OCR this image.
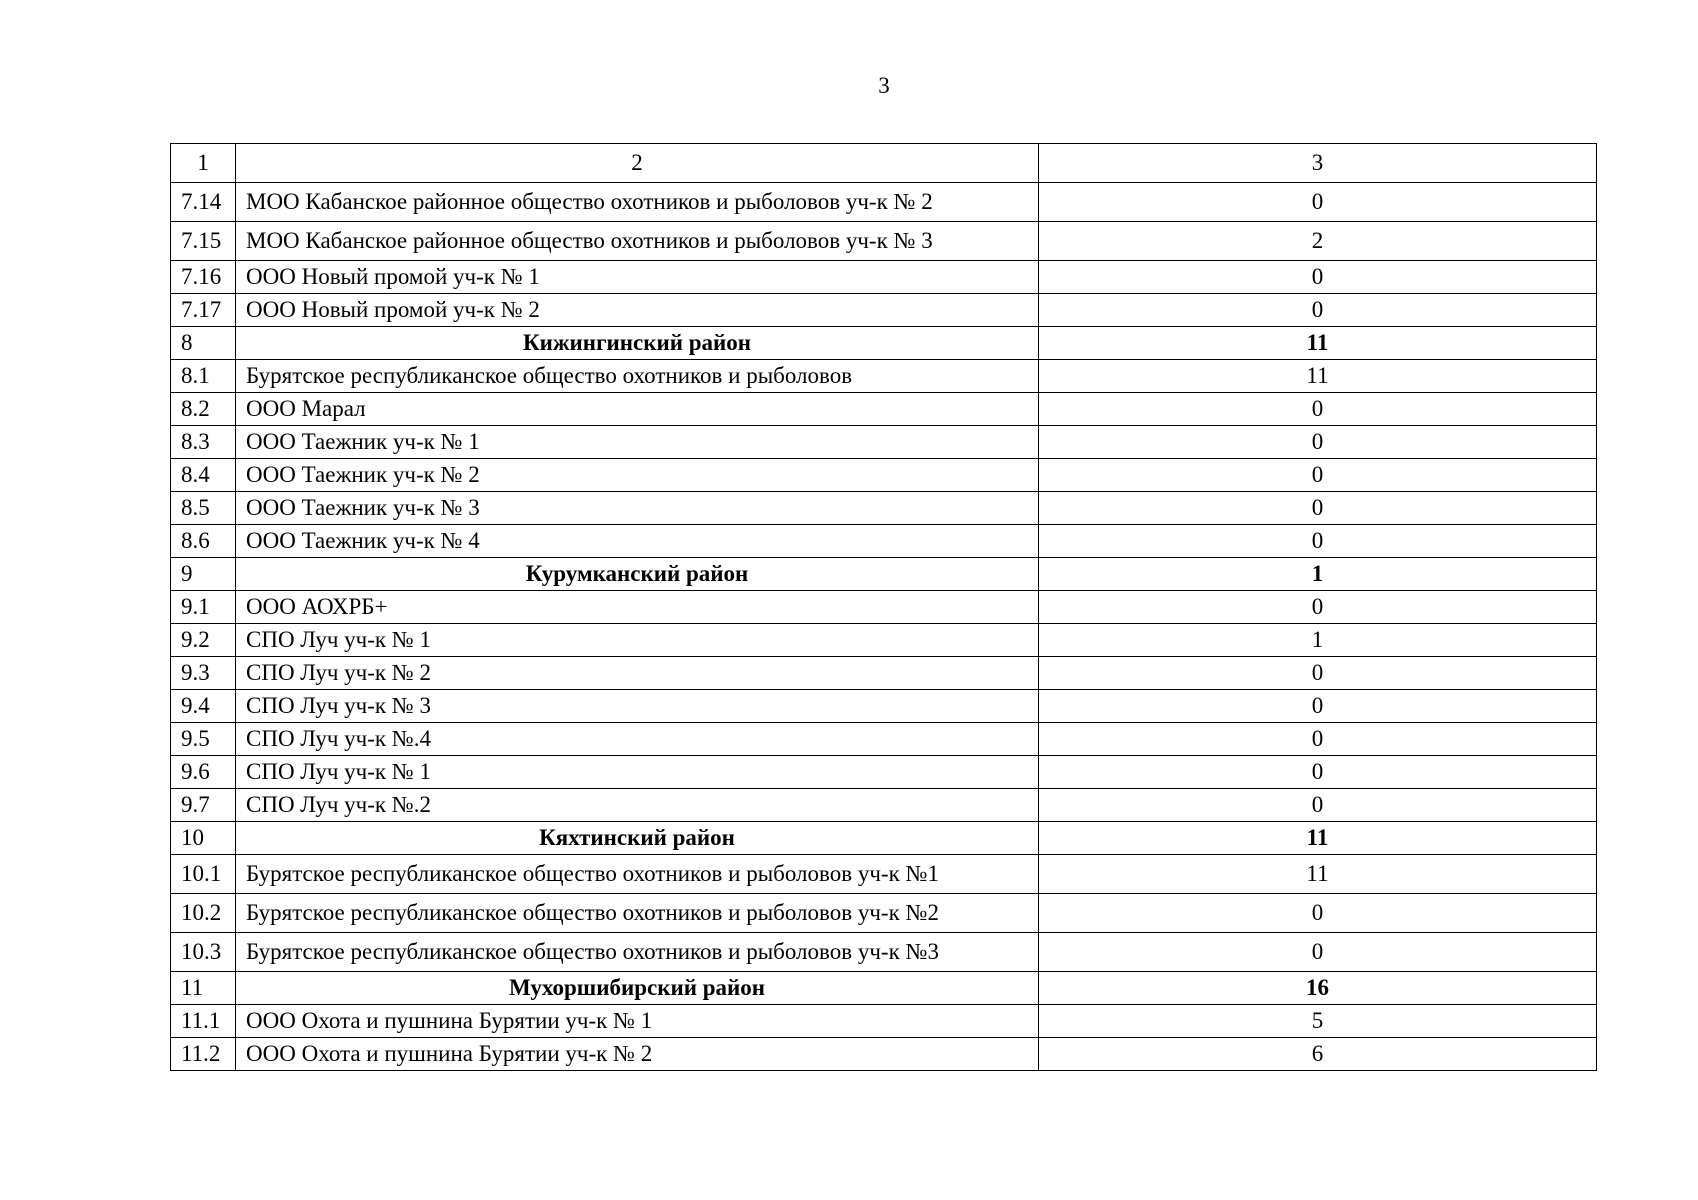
3
1	2	3
7.14	МОО Кабанское районное общество охотников и рыболовов уч-к № 2	0
7.15	МОО Кабанское районное общество охотников и рыболовов уч-к № 3	2
7.16	ООО Новый промой уч-к № 1	0
7.17	ООО Новый промой уч-к № 2	0
8	Кижингинский район	11
8.1	Бурятское республиканское общество охотников и рыболовов	11
8.2	ООО Марал	0
8.3	ООО Таежник уч-к № 1	0
8.4	ООО Таежник уч-к № 2	0
8.5	ООО Таежник уч-к № 3	0
8.6	ООО Таежник уч-к № 4	0
9	Курумканский район	1
9.1	ООО АОХРБ+	0
9.2	СПО Луч уч-к № 1	1
9.3	СПО Луч уч-к № 2	0
9.4	СПО Луч уч-к № 3	0
9.5	СПО Луч уч-к №.4	0
9.6	СПО Луч уч-к № 1	0
9.7	СПО Луч уч-к №.2	0
10	Кяхтинский район	11
10.1	Бурятское республиканское общество охотников и рыболовов уч-к №1	11
10.2	Бурятское республиканское общество охотников и рыболовов уч-к №2	0
10.3	Бурятское республиканское общество охотников и рыболовов уч-к №3	0
11	Мухоршибирский район	16
11.1	ООО Охота и пушнина Бурятии уч-к № 1	5
11.2	ООО Охота и пушнина Бурятии уч-к № 2	6
